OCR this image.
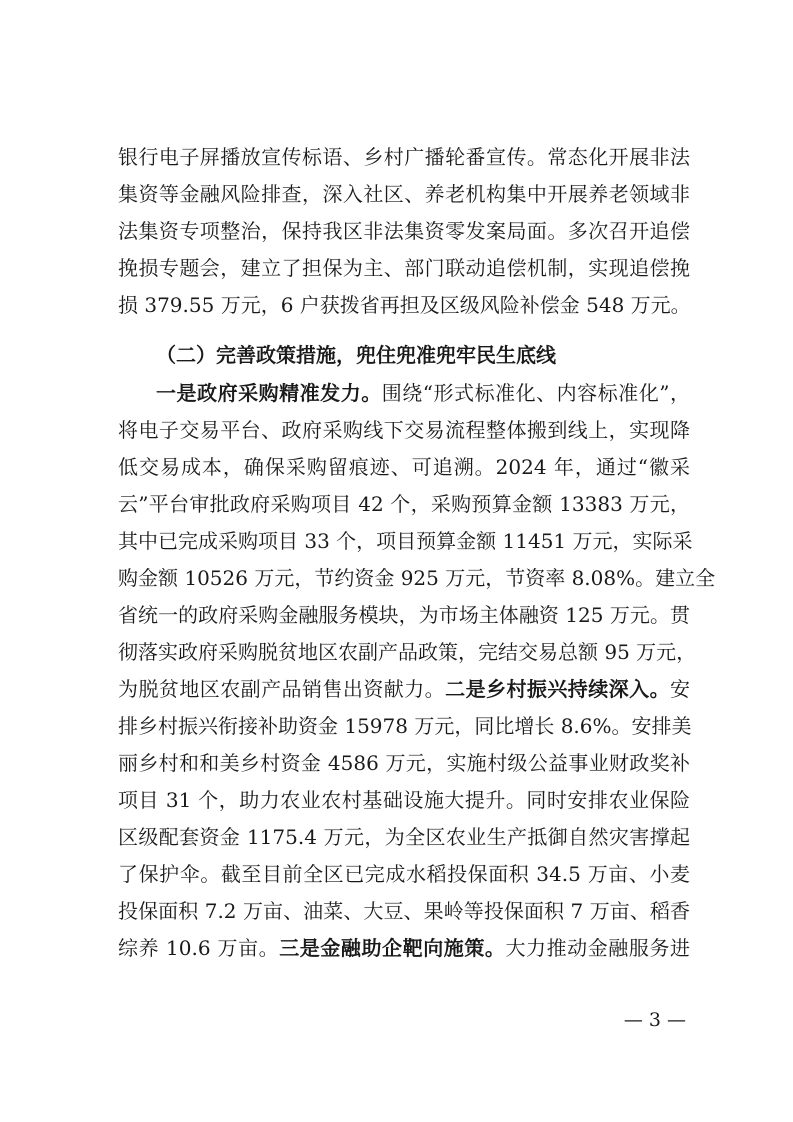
银行电子屏播放宣传标语、乡村广播轮番宣传。常态化开展非法
集资等金融风险排查，深入社区、养老机构集中开展养老领域非
法集资专项整治，保持我区非法集资零发案局面。多次召开追偿
挽损专题会，建立了担保为主、部门联动追偿机制，实现追偿挽
损 379.55 万元，6 户获拨省再担及区级风险补偿金 548 万元。
（二）完善政策措施，兜住兜准兜牢民生底线
一是政府采购精准发力。围绕“形式标准化、内容标准化”，
将电子交易平台、政府采购线下交易流程整体搬到线上，实现降
低交易成本，确保采购留痕迹、可追溯。2024 年，通过“徽采
云”平台审批政府采购项目 42 个，采购预算金额 13383 万元，
其中已完成采购项目 33 个，项目预算金额 11451 万元，实际采
购金额 10526 万元，节约资金 925 万元，节资率 8.08%。建立全
省统一的政府采购金融服务模块，为市场主体融资 125 万元。贯
彻落实政府采购脱贫地区农副产品政策，完结交易总额 95 万元，
为脱贫地区农副产品销售出资献力。二是乡村振兴持续深入。安
排乡村振兴衔接补助资金 15978 万元，同比增长 8.6%。安排美
丽乡村和和美乡村资金 4586 万元，实施村级公益事业财政奖补
项目 31 个，助力农业农村基础设施大提升。同时安排农业保险
区级配套资金 1175.4 万元，为全区农业生产抵御自然灾害撑起
了保护伞。截至目前全区已完成水稻投保面积 34.5 万亩、小麦
投保面积 7.2 万亩、油菜、大豆、果岭等投保面积 7 万亩、稻香
综养 10.6 万亩。三是金融助企靶向施策。大力推动金融服务进
— 3 —
